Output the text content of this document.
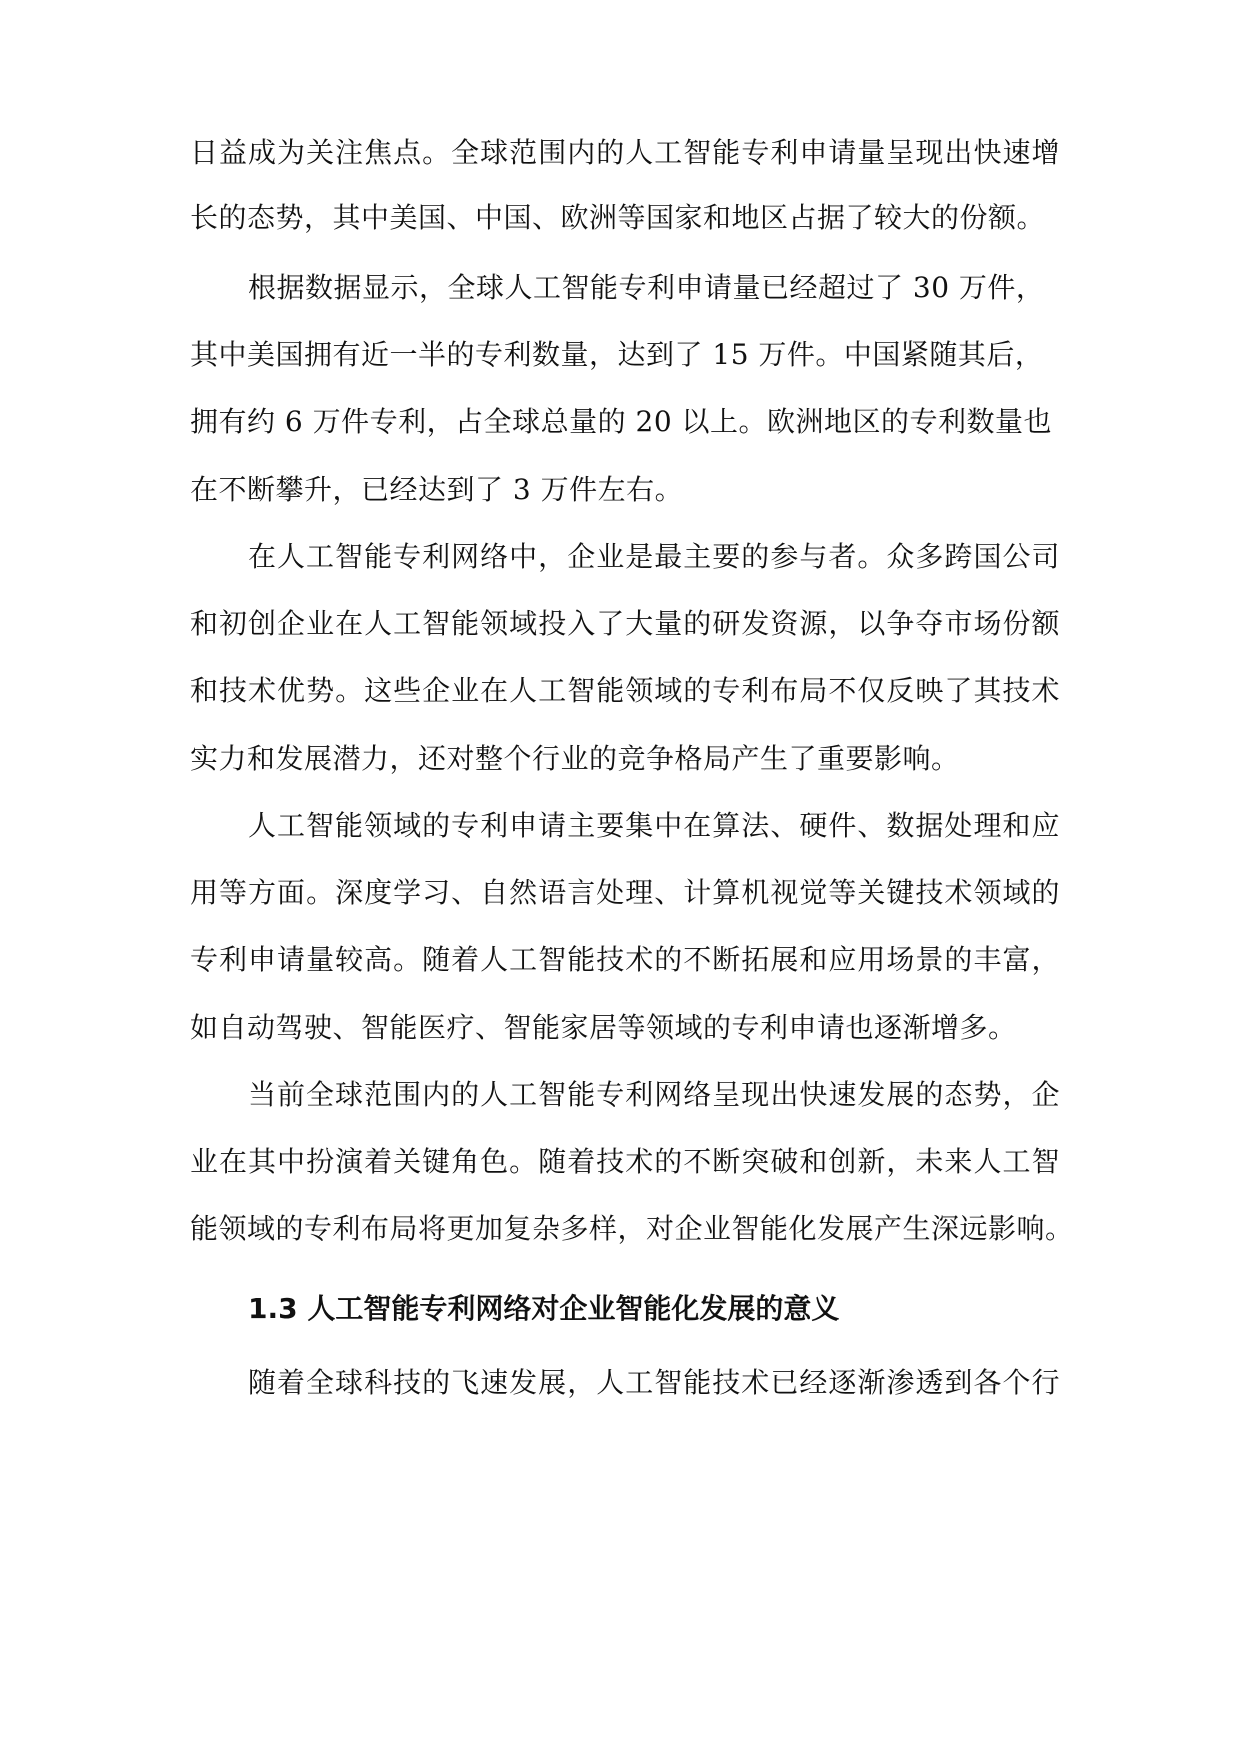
日益成为关注焦点。全球范围内的人工智能专利申请量呈现出快速增
长的态势，其中美国、中国、欧洲等国家和地区占据了较大的份额。
根据数据显示，全球人工智能专利申请量已经超过了 30 万件，
其中美国拥有近一半的专利数量，达到了 15 万件。中国紧随其后，
拥有约 6 万件专利，占全球总量的 20 以上。欧洲地区的专利数量也
在不断攀升，已经达到了 3 万件左右。
在人工智能专利网络中，企业是最主要的参与者。众多跨国公司
和初创企业在人工智能领域投入了大量的研发资源，以争夺市场份额
和技术优势。这些企业在人工智能领域的专利布局不仅反映了其技术
实力和发展潜力，还对整个行业的竞争格局产生了重要影响。
人工智能领域的专利申请主要集中在算法、硬件、数据处理和应
用等方面。深度学习、自然语言处理、计算机视觉等关键技术领域的
专利申请量较高。随着人工智能技术的不断拓展和应用场景的丰富，
如自动驾驶、智能医疗、智能家居等领域的专利申请也逐渐增多。
当前全球范围内的人工智能专利网络呈现出快速发展的态势，企
业在其中扮演着关键角色。随着技术的不断突破和创新，未来人工智
能领域的专利布局将更加复杂多样，对企业智能化发展产生深远影响。
1.3 人工智能专利网络对企业智能化发展的意义
随着全球科技的飞速发展，人工智能技术已经逐渐渗透到各个行
